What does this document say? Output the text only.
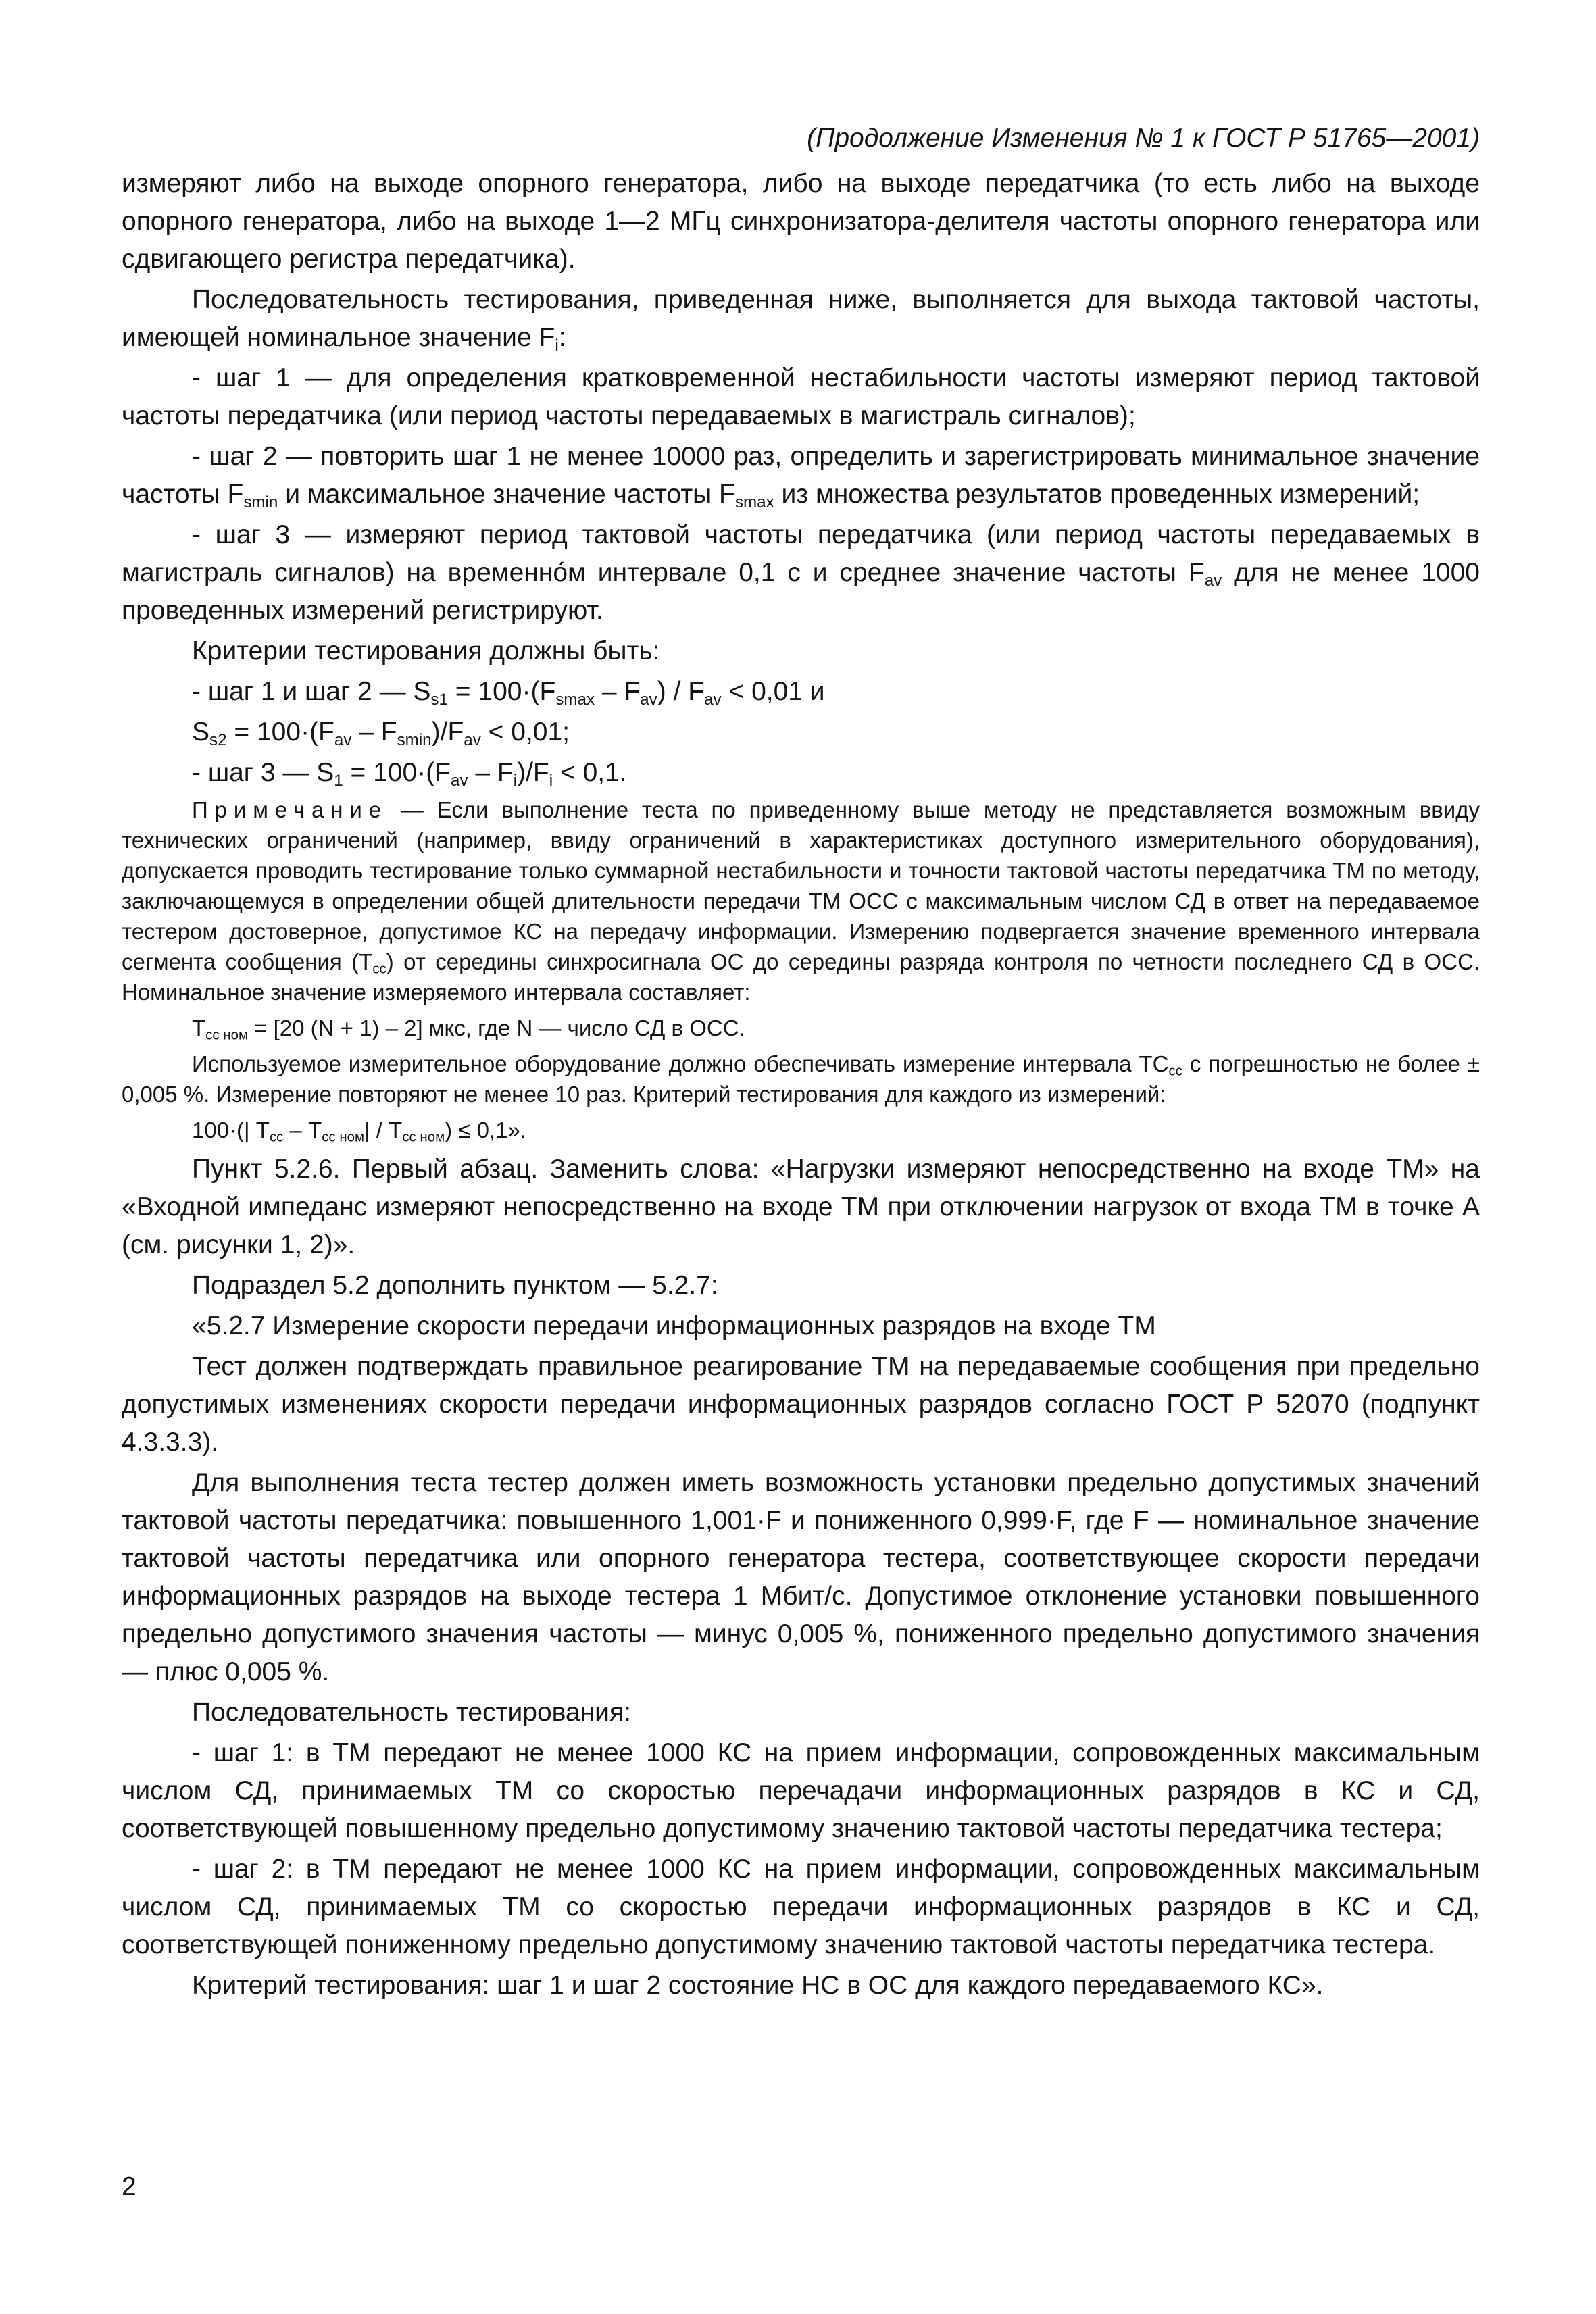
(Продолжение Изменения № 1 к ГОСТ Р 51765—2001)

измеряют либо на выходе опорного генератора, либо на выходе передатчика (то есть либо на выходе опорного генератора, либо на выходе 1—2 МГц синхронизатора-делителя частоты опорного генератора или сдвигающего регистра передатчика).

Последовательность тестирования, приведенная ниже, выполняется для выхода тактовой частоты, имеющей номинальное значение $F_i$:

- шаг 1 — для определения кратковременной нестабильности частоты измеряют период тактовой частоты передатчика (или период частоты передаваемых в магистраль сигналов);

- шаг 2 — повторить шаг 1 не менее 10000 раз, определить и зарегистрировать минимальное значение частоты $F_{smin}$ и максимальное значение частоты $F_{smax}$ из множества результатов проведенных измерений;

- шаг 3 — измеряют период тактовой частоты передатчика (или период частоты передаваемых в магистраль сигналов) на временно́м интервале 0,1 с и среднее значение частоты $F_{av}$ для не менее 1000 проведенных измерений регистрируют.

Критерии тестирования должны быть:

- шаг 1 и шаг 2 — $S_{s1} = 100\cdot(F_{smax} - F_{av}) / F_{av} < 0,01$ и

$S_{s2} = 100\cdot(F_{av} - F_{smin})/F_{av} < 0,01$;

- шаг 3 — $S_1 = 100\cdot(F_{av} - F_i)/F_i < 0,1$.

Примечание — Если выполнение теста по приведенному выше методу не представляется возможным ввиду технических ограничений (например, ввиду ограничений в характеристиках доступного измерительного оборудования), допускается проводить тестирование только суммарной нестабильности и точности тактовой частоты передатчика ТМ по методу, заключающемуся в определении общей длительности передачи ТМ ОСС с максимальным числом СД в ответ на передаваемое тестером достоверное, допустимое КС на передачу информации. Измерению подвергается значение временного интервала сегмента сообщения $(Т_{сс})$ от середины синхросигнала ОС до середины разряда контроля по четности последнего СД в ОСС. Номинальное значение измеряемого интервала составляет:

$Т_{сс ном} = [20$ (N + 1) – 2] мкс, где N — число СД в ОСС.

Используемое измерительное оборудование должно обеспечивать измерение интервала $ТС_{сс}$ с погрешностью не более ± 0,005 %. Измерение повторяют не менее 10 раз. Критерий тестирования для каждого из измерений:

100·(| $Т_{сс} - Т_{сс ном}| / Т_{сс ном}) \le 0,1$».

Пункт 5.2.6. Первый абзац. Заменить слова: «Нагрузки измеряют непосредственно на входе ТМ» на «Входной импеданс измеряют непосредственно на входе ТМ при отключении нагрузок от входа ТМ в точке А (см. рисунки 1, 2)».

Подраздел 5.2 дополнить пунктом — 5.2.7:

«5.2.7 Измерение скорости передачи информационных разрядов на входе ТМ

Тест должен подтверждать правильное реагирование ТМ на передаваемые сообщения при предельно допустимых изменениях скорости передачи информационных разрядов согласно ГОСТ Р 52070 (подпункт 4.3.3.3).

Для выполнения теста тестер должен иметь возможность установки предельно допустимых значений тактовой частоты передатчика: повышенного 1,001·F и пониженного 0,999·F, где F — номинальное значение тактовой частоты передатчика или опорного генератора тестера, соответствующее скорости передачи информационных разрядов на выходе тестера 1 Мбит/с. Допустимое отклонение установки повышенного предельно допустимого значения частоты — минус 0,005 %, пониженного предельно допустимого значения — плюс 0,005 %.

Последовательность тестирования:

- шаг 1: в ТМ передают не менее 1000 КС на прием информации, сопровожденных максимальным числом СД, принимаемых ТМ со скоростью перечадачи информационных разрядов в КС и СД, соответствующей повышенному предельно допустимому значению тактовой частоты передатчика тестера;

- шаг 2: в ТМ передают не менее 1000 КС на прием информации, сопровожденных максимальным числом СД, принимаемых ТМ со скоростью передачи информационных разрядов в КС и СД, соответствующей пониженному предельно допустимому значению тактовой частоты передатчика тестера.

Критерий тестирования: шаг 1 и шаг 2 состояние НС в ОС для каждого передаваемого КС».

2
